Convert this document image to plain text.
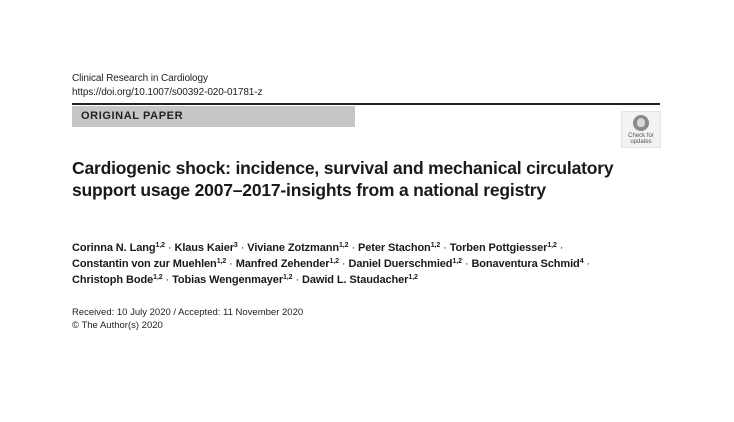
Clinical Research in Cardiology
https://doi.org/10.1007/s00392-020-01781-z
ORIGINAL PAPER
Check for
updates
Cardiogenic shock: incidence, survival and mechanical circulatory
support usage 2007–2017-insights from a national registry
Corinna N. Lang$^{1,2}$ · Klaus Kaier$^3$ · Viviane Zotzmann$^{1,2}$ · Peter Stachon$^{1,2}$ · Torben Pottgiesser$^{1,2}$ ·
Constantin von zur Muehlen$^{1,2}$ · Manfred Zehender$^{1,2}$ · Daniel Duerschmied$^{1,2}$ · Bonaventura Schmid$^4$ ·
Christoph Bode$^{1,2}$ · Tobias Wengenmayer$^{1,2}$ · Dawid L. Staudacher$^{1,2}$
Received: 10 July 2020 / Accepted: 11 November 2020
© The Author(s) 2020
